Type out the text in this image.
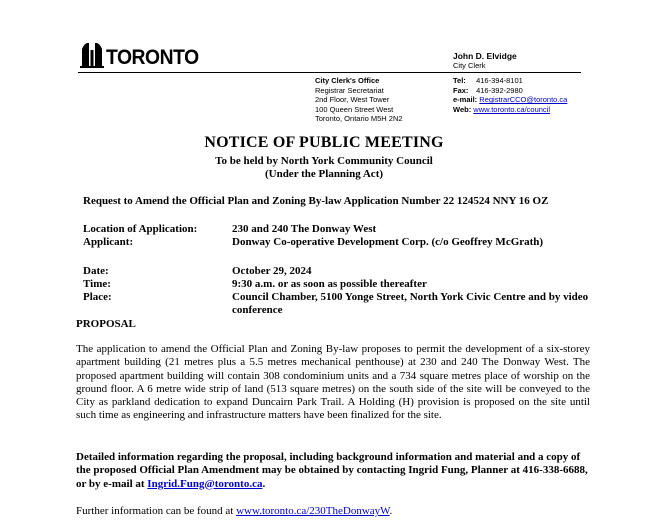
TORONTO	John D. Elvidge
City Clerk
City Clerk's Office
Registrar Secretariat
2nd Floor, West Tower
100 Queen Street West
Toronto, Ontario M5H 2N2
Tel: 416-394-8101
Fax: 416-392-2980
e-mail: RegistrarCCO@toronto.ca
Web: www.toronto.ca/council
NOTICE OF PUBLIC MEETING
To be held by North York Community Council
(Under the Planning Act)
Request to Amend the Official Plan and Zoning By-law Application Number 22 124524 NNY 16 OZ
Location of Application:	230 and 240 The Donway West
Applicant:	Donway Co-operative Development Corp. (c/o Geoffrey McGrath)
Date:	October 29, 2024
Time:	9:30 a.m. or as soon as possible thereafter
Place:	Council Chamber, 5100 Yonge Street, North York Civic Centre and by video conference
PROPOSAL
The application to amend the Official Plan and Zoning By-law proposes to permit the development of a six-storey apartment building (21 metres plus a 5.5 metres mechanical penthouse) at 230 and 240 The Donway West. The proposed apartment building will contain 308 condominium units and a 734 square metres place of worship on the ground floor. A 6 metre wide strip of land (513 square metres) on the south side of the site will be conveyed to the City as parkland dedication to expand Duncairn Park Trail. A Holding (H) provision is proposed on the site until such time as engineering and infrastructure matters have been finalized for the site.
Detailed information regarding the proposal, including background information and material and a copy of the proposed Official Plan Amendment may be obtained by contacting Ingrid Fung, Planner at 416-338-6688, or by e-mail at Ingrid.Fung@toronto.ca.
Further information can be found at www.toronto.ca/230TheDonwayW.
